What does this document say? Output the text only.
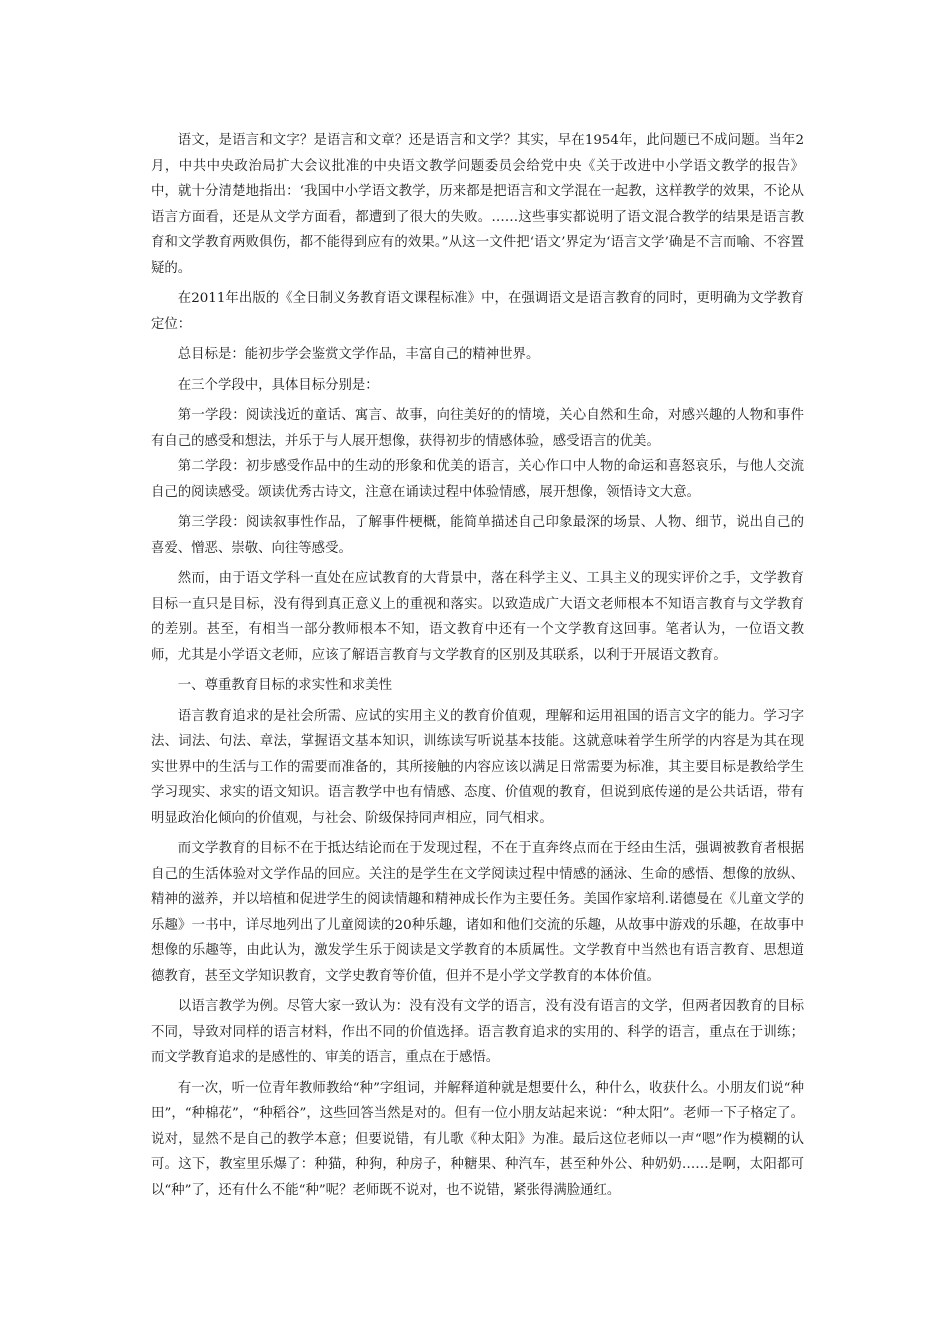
语文，是语言和文字？是语言和文章？还是语言和文学？其实，早在1954年，此问题已不成问题。当年2月，中共中央政治局扩大会议批准的中央语文教学问题委员会给党中央《关于改进中小学语文教学的报告》中，就十分清楚地指出：‘我国中小学语文教学，历来都是把语言和文学混在一起教，这样教学的效果，不论从语言方面看，还是从文学方面看，都遭到了很大的失败。……这些事实都说明了语文混合教学的结果是语言教育和文学教育两败俱伤，都不能得到应有的效果。”从这一文件把‘语文’界定为‘语言文学’确是不言而喻、不容置疑的。

在2011年出版的《全日制义务教育语文课程标准》中，在强调语文是语言教育的同时，更明确为文学教育定位：

总目标是：能初步学会鉴赏文学作品，丰富自己的精神世界。

在三个学段中，具体目标分别是：

第一学段：阅读浅近的童话、寓言、故事，向往美好的的情境，关心自然和生命，对感兴趣的人物和事件有自己的感受和想法，并乐于与人展开想像，获得初步的情感体验，感受语言的优美。

第二学段：初步感受作品中的生动的形象和优美的语言，关心作口中人物的命运和喜怒哀乐，与他人交流自己的阅读感受。颂读优秀古诗文，注意在诵读过程中体验情感，展开想像，领悟诗文大意。

第三学段：阅读叙事性作品，了解事件梗概，能简单描述自己印象最深的场景、人物、细节，说出自己的喜爱、憎恶、崇敬、向往等感受。

然而，由于语文学科一直处在应试教育的大背景中，落在科学主义、工具主义的现实评价之手，文学教育目标一直只是目标，没有得到真正意义上的重视和落实。以致造成广大语文老师根本不知语言教育与文学教育的差别。甚至，有相当一部分教师根本不知，语文教育中还有一个文学教育这回事。笔者认为，一位语文教师，尤其是小学语文老师，应该了解语言教育与文学教育的区别及其联系，以利于开展语文教育。

一、尊重教育目标的求实性和求美性

语言教育追求的是社会所需、应试的实用主义的教育价值观，理解和运用祖国的语言文字的能力。学习字法、词法、句法、章法，掌握语文基本知识，训练读写听说基本技能。这就意味着学生所学的内容是为其在现实世界中的生活与工作的需要而准备的，其所接触的内容应该以满足日常需要为标准，其主要目标是教给学生学习现实、求实的语文知识。语言教学中也有情感、态度、价值观的教育，但说到底传递的是公共话语，带有明显政治化倾向的价值观，与社会、阶级保持同声相应，同气相求。

而文学教育的目标不在于抵达结论而在于发现过程，不在于直奔终点而在于经由生活，强调被教育者根据自己的生活体验对文学作品的回应。关注的是学生在文学阅读过程中情感的涵泳、生命的感悟、想像的放纵、精神的滋养，并以培植和促进学生的阅读情趣和精神成长作为主要任务。美国作家培利.诺德曼在《儿童文学的乐趣》一书中，详尽地列出了儿童阅读的20种乐趣，诸如和他们交流的乐趣，从故事中游戏的乐趣，在故事中想像的乐趣等，由此认为，激发学生乐于阅读是文学教育的本质属性。文学教育中当然也有语言教育、思想道德教育，甚至文学知识教育，文学史教育等价值，但并不是小学文学教育的本体价值。

以语言教学为例。尽管大家一致认为：没有没有文学的语言，没有没有语言的文学，但两者因教育的目标不同，导致对同样的语言材料，作出不同的价值选择。语言教育追求的实用的、科学的语言，重点在于训练；而文学教育追求的是感性的、审美的语言，重点在于感悟。

有一次，听一位青年教师教给“种”字组词，并解释道种就是想要什么，种什么，收获什么。小朋友们说“种田”，“种棉花”，“种稻谷”，这些回答当然是对的。但有一位小朋友站起来说：“种太阳”。老师一下子格定了。说对，显然不是自己的教学本意；但要说错，有儿歌《种太阳》为准。最后这位老师以一声“嗯”作为模糊的认可。这下，教室里乐爆了：种猫，种狗，种房子，种糖果、种汽车，甚至种外公、种奶奶……是啊，太阳都可以“种”了，还有什么不能“种”呢？老师既不说对，也不说错，紧张得满脸通红。
